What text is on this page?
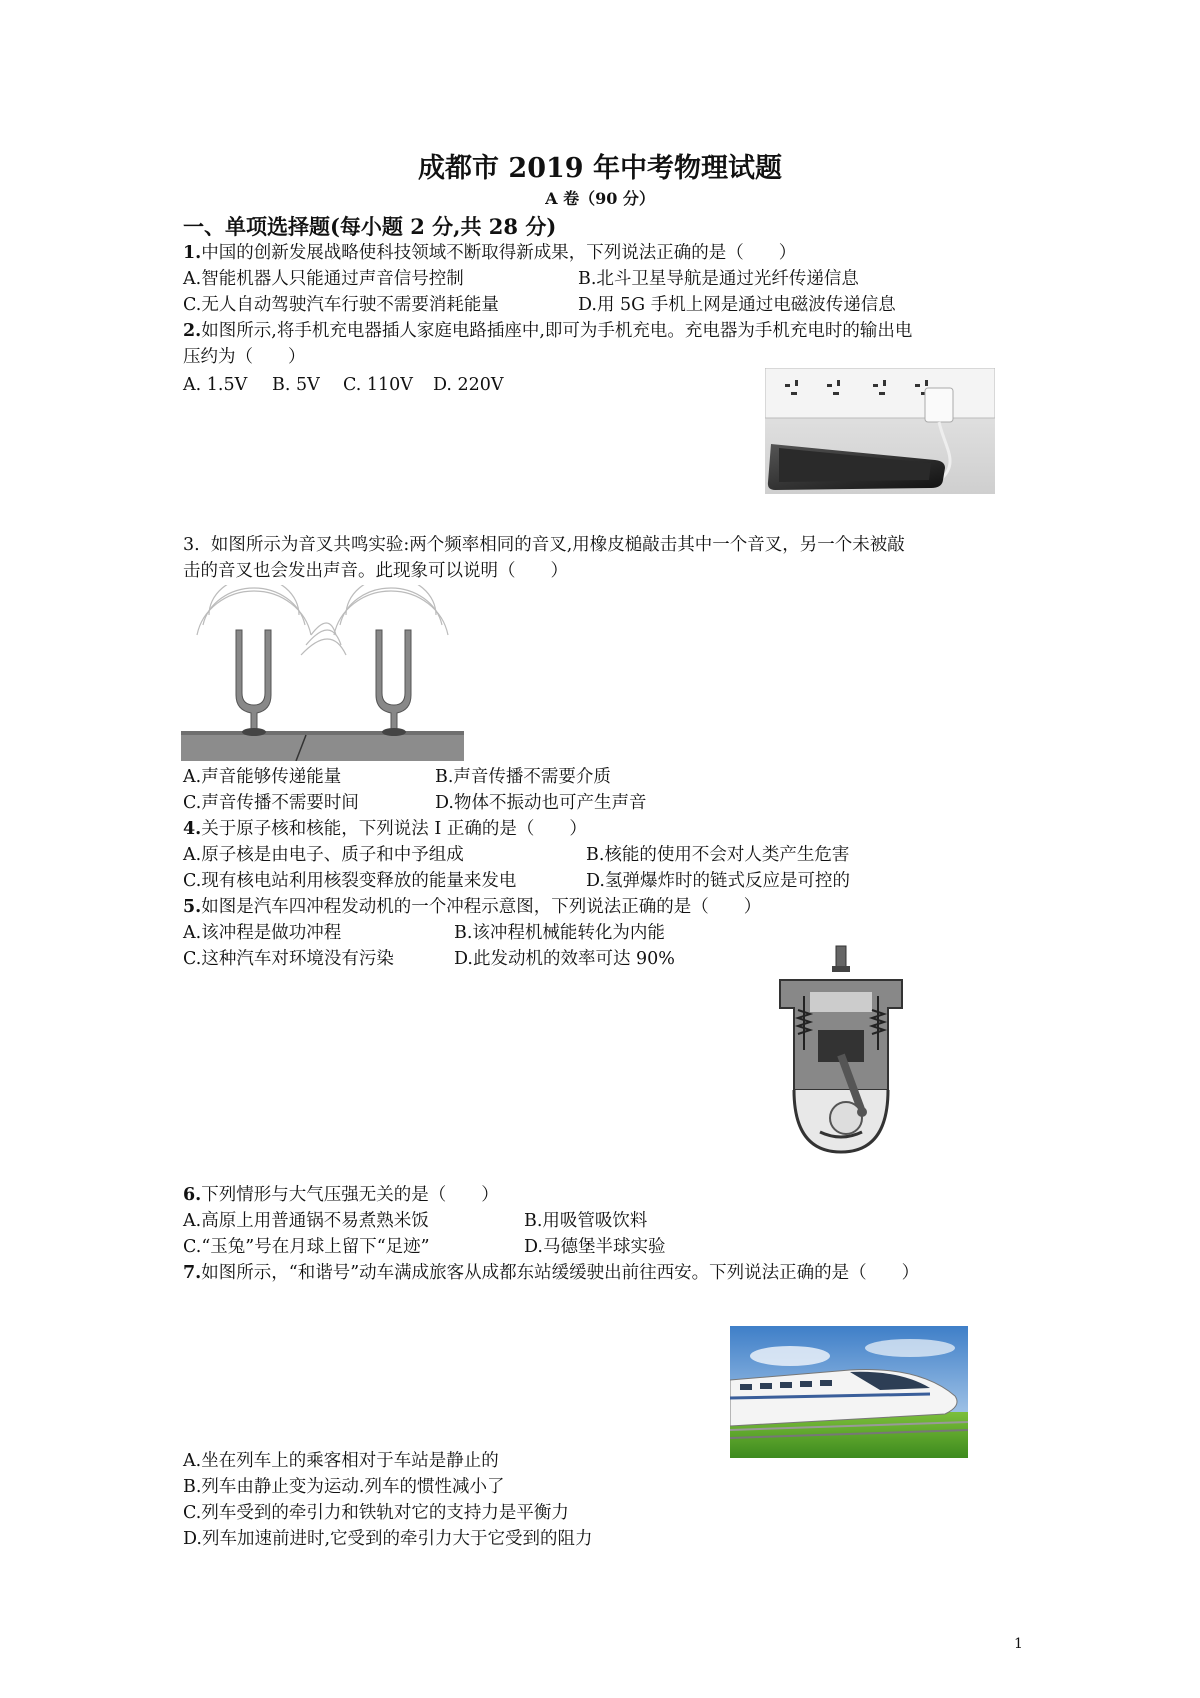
成都市 2019 年中考物理试题
A 卷（90 分）
一、单项选择题(每小题 2 分,共 28 分)
1.中国的创新发展战略使科技领域不断取得新成果，下列说法正确的是（　　）
A.智能机器人只能通过声音信号控制	B.北斗卫星导航是通过光纤传递信息
C.无人自动驾驶汽车行驶不需要消耗能量	D.用 5G 手机上网是通过电磁波传递信息
2.如图所示,将手机充电器插人家庭电路插座中,即可为手机充电。充电器为手机充电时的输出电
压约为（　　）
A. 1.5V B. 5V C. 110V D. 220V
3. 如图所示为音叉共鸣实验:两个频率相同的音叉,用橡皮槌敲击其中一个音叉，另一个未被敲
击的音叉也会发出声音。此现象可以说明（　　）
A.声音能够传递能量	B.声音传播不需要介质
C.声音传播不需要时间	D.物体不振动也可产生声音
4.关于原子核和核能，下列说法 I 正确的是（　　）
A.原子核是由电子、质子和中予组成	B.核能的使用不会对人类产生危害
C.现有核电站利用核裂变释放的能量来发电	D.氢弹爆炸时的链式反应是可控的
5.如图是汽车四冲程发动机的一个冲程示意图，下列说法正确的是（　　）
A.该冲程是做功冲程	B.该冲程机械能转化为内能
C.这种汽车对环境没有污染	D.此发动机的效率可达 90%
6.下列情形与大气压强无关的是（　　）
A.高原上用普通锅不易煮熟米饭	B.用吸管吸饮料
C.“玉兔”号在月球上留下“足迹”	D.马德堡半球实验
7.如图所示，“和谐号”动车满成旅客从成都东站缓缓驶出前往西安。下列说法正确的是（　　）
A.坐在列车上的乘客相对于车站是静止的
B.列车由静止变为运动.列车的惯性减小了
C.列车受到的牵引力和铁轨对它的支持力是平衡力
D.列车加速前进时,它受到的牵引力大于它受到的阻力
1
